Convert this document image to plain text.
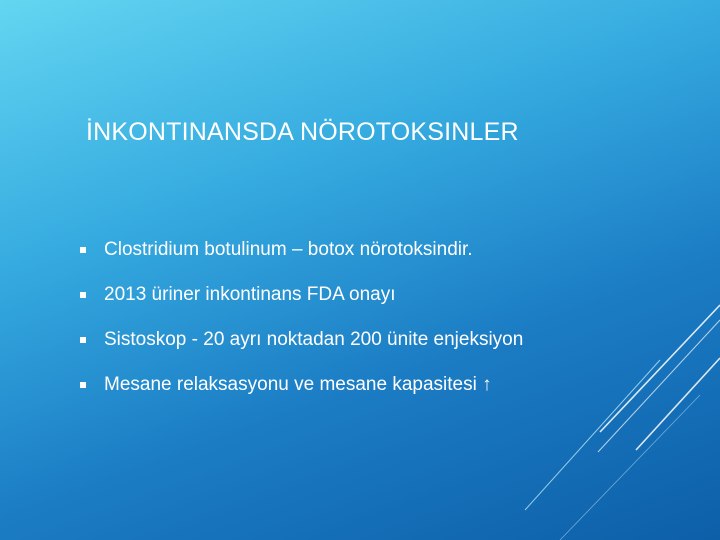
İNKONTINANSDA NÖROTOKSINLER
Clostridium botulinum – botox nörotoksindir.
2013 üriner inkontinans FDA onayı
Sistoskop - 20 ayrı noktadan 200 ünite enjeksiyon
Mesane relaksasyonu ve mesane kapasitesi ↑
